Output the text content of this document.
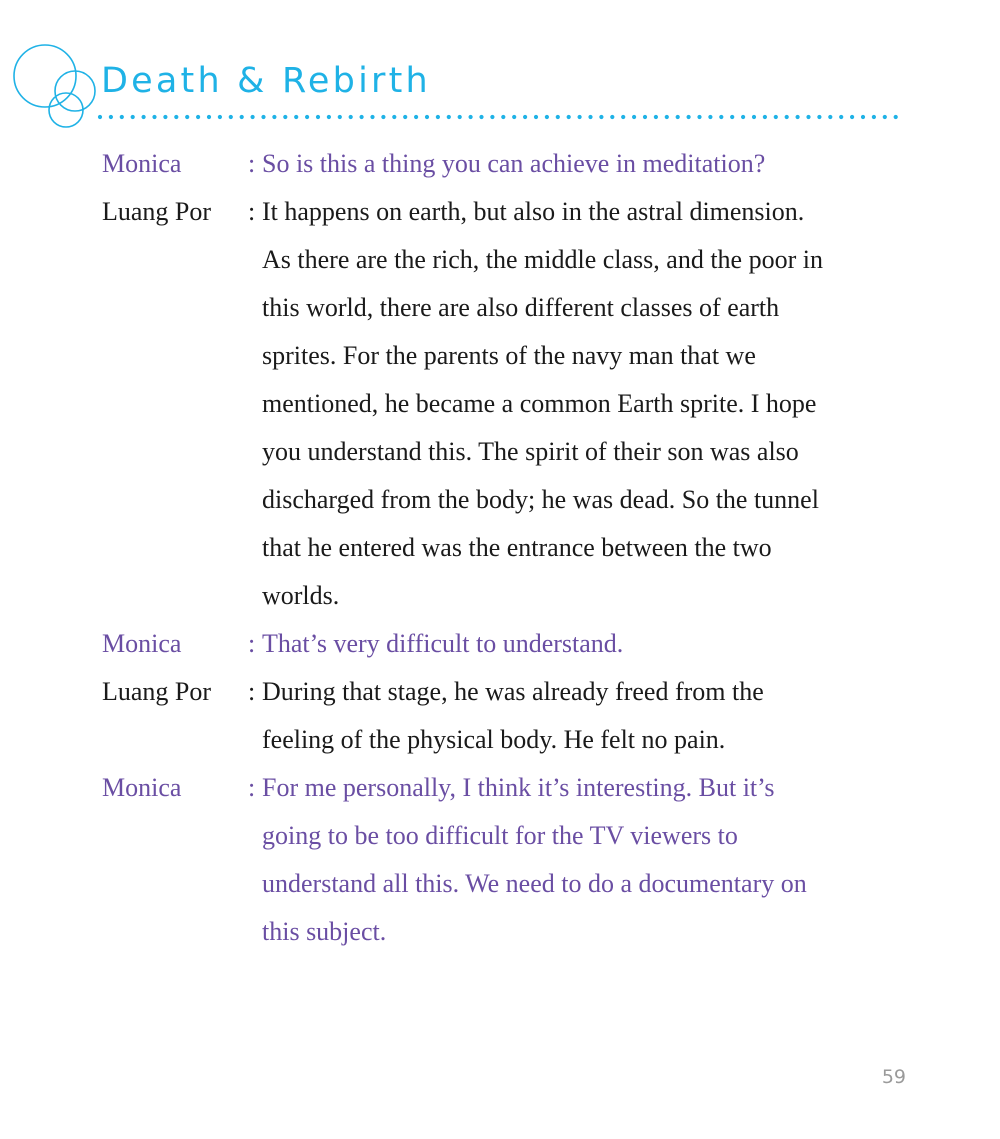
Death & Rebirth
Monica	: So is this a thing you can achieve in meditation?
Luang Por : It happens on earth, but also in the astral dimension.
As there are the rich, the middle class, and the poor in
this world, there are also different classes of earth
sprites. For the parents of the navy man that we
mentioned, he became a common Earth sprite. I hope
you understand this. The spirit of their son was also
discharged from the body; he was dead. So the tunnel
that he entered was the entrance between the two
worlds.
Monica	: That’s very difficult to understand.
Luang Por : During that stage, he was already freed from the
feeling of the physical body. He felt no pain.
Monica	: For me personally, I think it’s interesting. But it’s
going to be too difficult for the TV viewers to
understand all this. We need to do a documentary on
this subject.
59
